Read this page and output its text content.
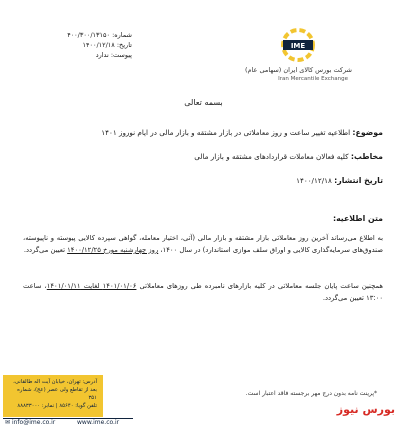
شماره: ۴۰۰/۳۰۰/۱۳۱۵۰
تاریخ: ۱۴۰۰/۱۲/۱۸
پیوست: ندارد
IME
شرکت بورس کالای ایران (سهامی عام)
Iran Mercantile Exchange
بسمه تعالی
موضوع: اطلاعیه تغییر ساعت و روز معاملاتی در بازار مشتقه و بازار مالی در ایام نوروز ۱۴۰۱
مخاطب: کلیه فعالان معاملات قراردادهای مشتقه و بازار مالی
تاریخ انتشار: ۱۴۰۰/۱۲/۱۸
متن اطلاعیه:
به اطلاع می‌رساند آخرین روز معاملاتی بازار مشتقه و بازار مالی (آتی، اختیار معامله، گواهی سپرده کالایی پیوسته و ناپیوسته، صندوق‌های سرمایه‌گذاری کالایی و اوراق سلف موازی استاندارد) در سال ۱۴۰۰، روز چهارشنبه مورخ ۱۴۰۰/۱۲/۲۵ تعیین می‌گردد.
همچنین ساعت پایان جلسه معاملاتی در کلیه بازارهای نامبرده طی روزهای معاملاتی ۱۴۰۱/۰۱/۰۶ لغایت ۱۴۰۱/۰۱/۱۱، ساعت ۱۳:۰۰ تعیین می‌گردد.
آدرس: تهران، خیابان آیت اله طالقانی،
بعد از تقاطع ولی عصر (عج)، شماره ۳۵۱
تلفن گویا: ۸۵۶۴۰ | نمابر: ۸۸۸۳۳۰۰۰
*پرینت نامه بدون درج مهر برجسته فاقد اعتبار است.
✉ info@ime.co.ir	www.ime.co.ir
بورس نیوز
